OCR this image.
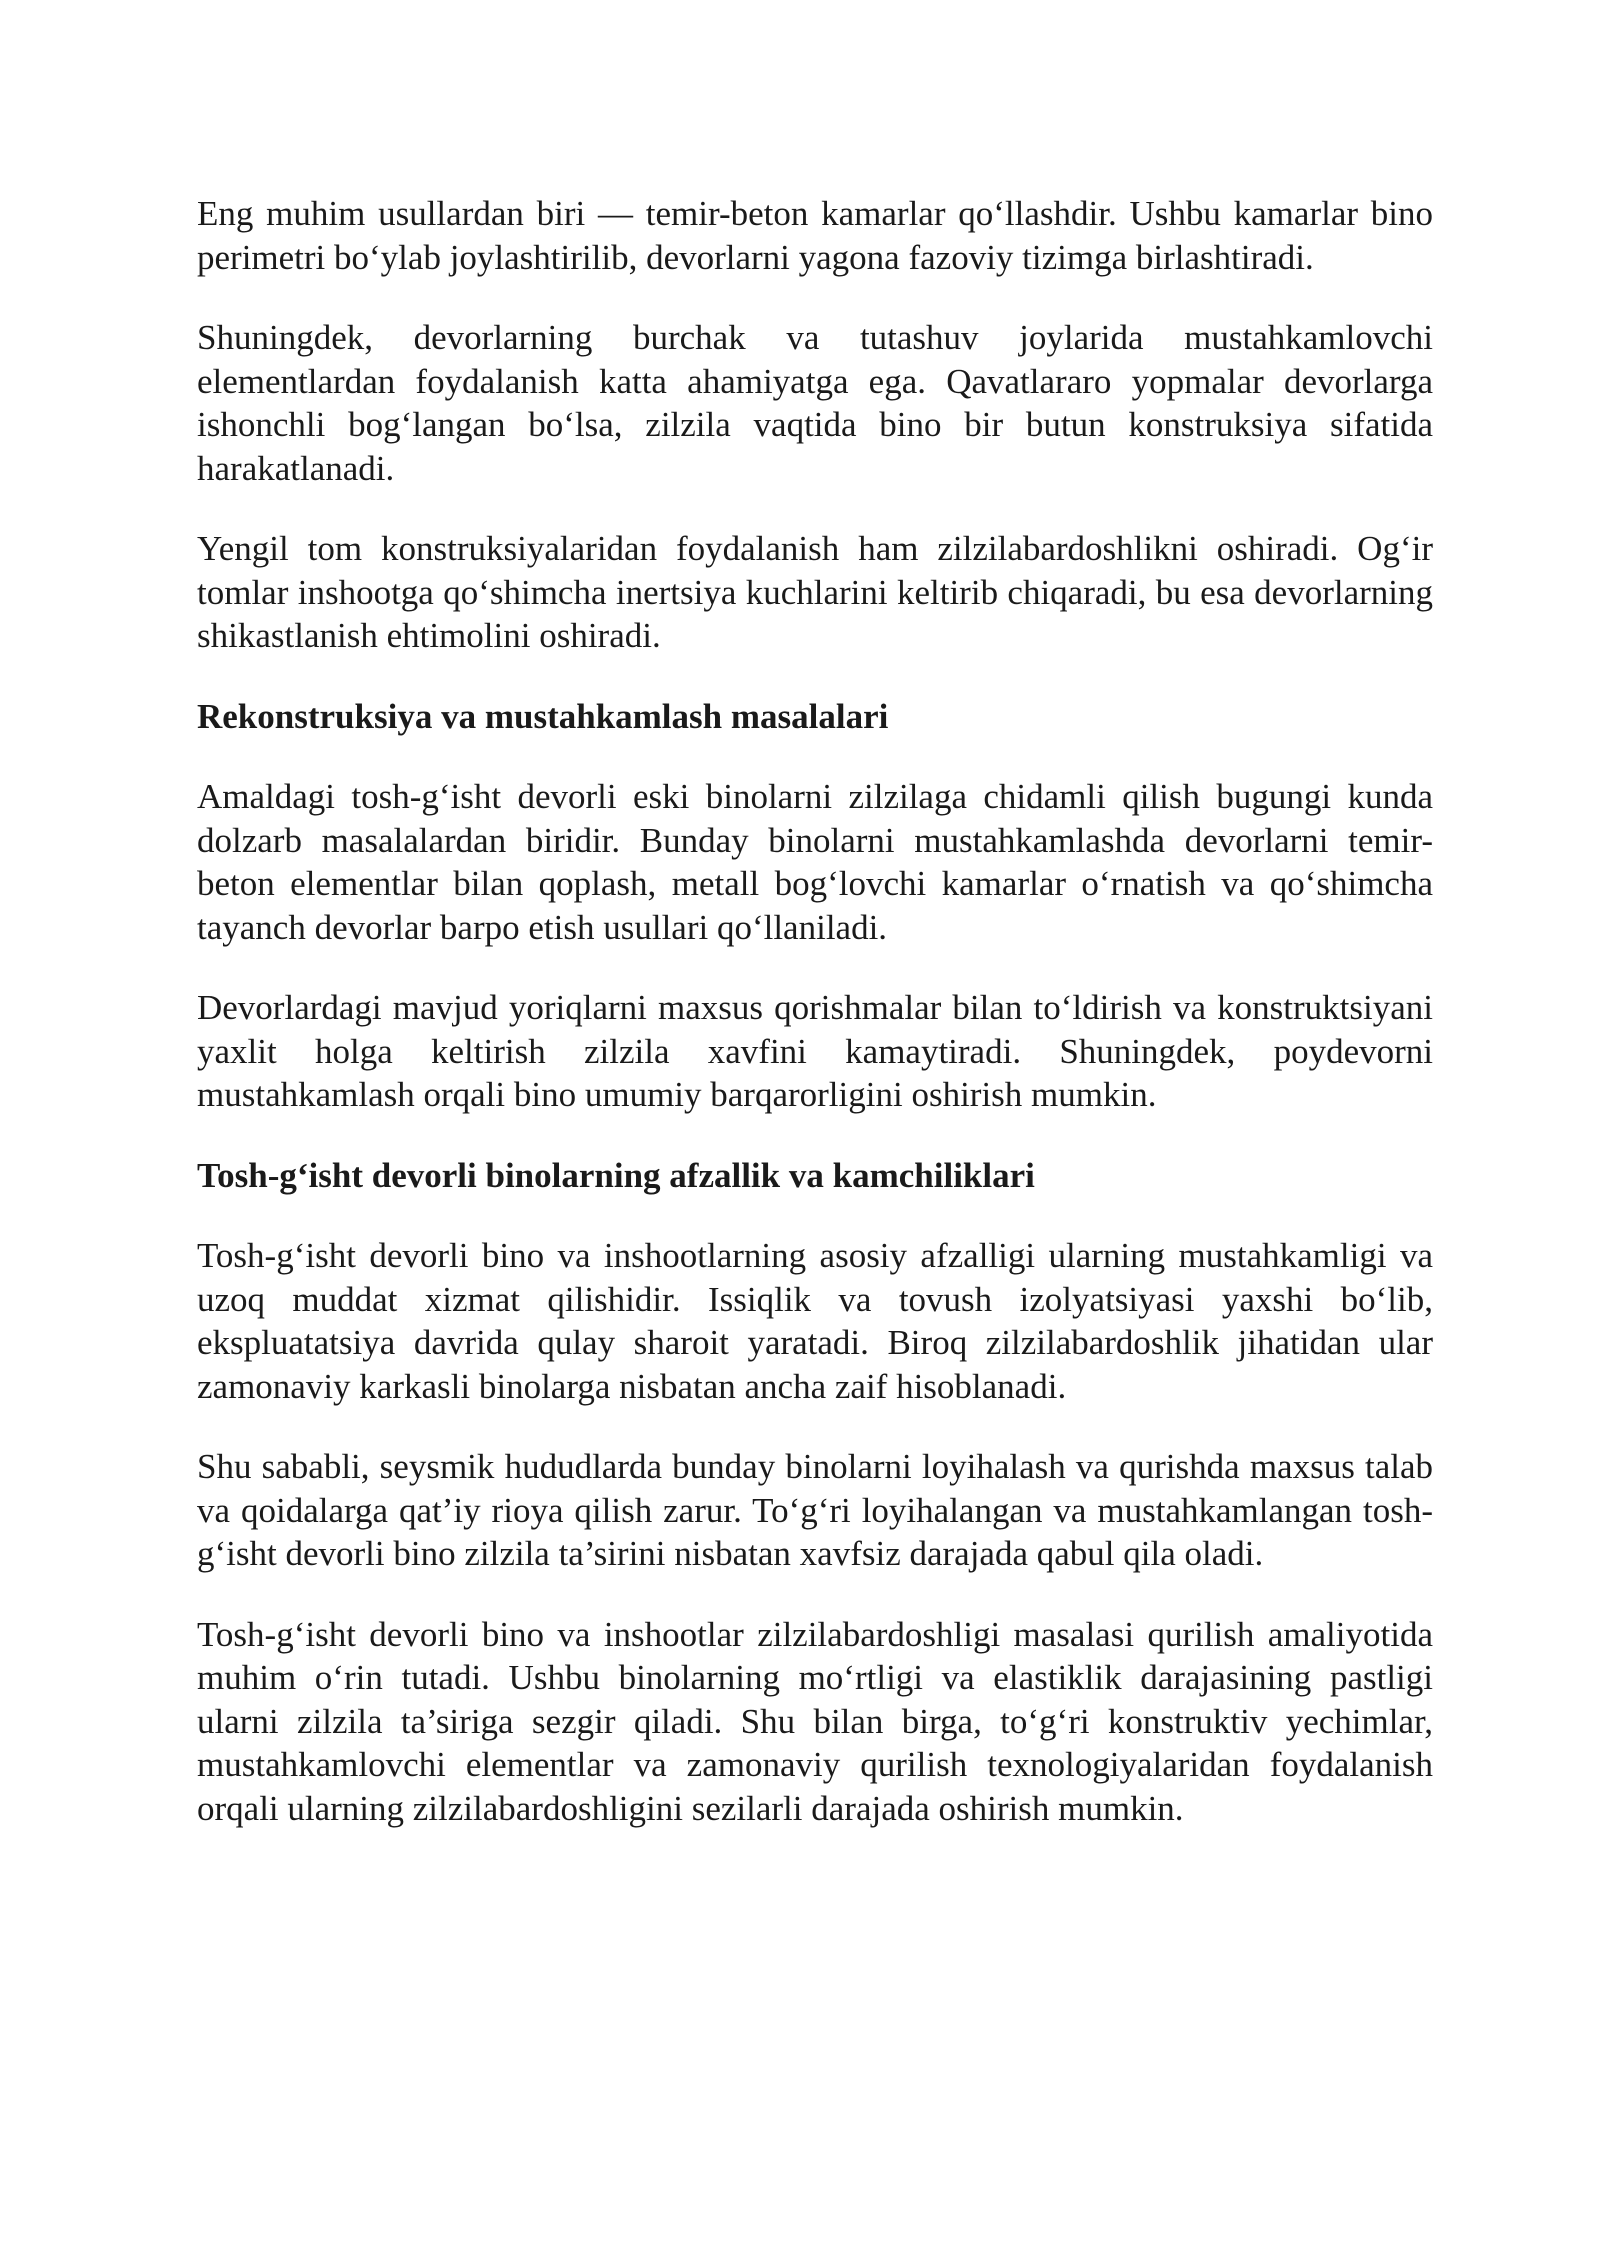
Eng muhim usullardan biri — temir-beton kamarlar qo‘llashdir. Ushbu kamarlar bino perimetri bo‘ylab joylashtirilib, devorlarni yagona fazoviy tizimga birlashtiradi.

Shuningdek, devorlarning burchak va tutashuv joylarida mustahkamlovchi elementlardan foydalanish katta ahamiyatga ega. Qavatlararo yopmalar devorlarga ishonchli bog‘langan bo‘lsa, zilzila vaqtida bino bir butun konstruksiya sifatida harakatlanadi.

Yengil tom konstruksiyalaridan foydalanish ham zilzilabardoshlikni oshiradi. Og‘ir tomlar inshootga qo‘shimcha inertsiya kuchlarini keltirib chiqaradi, bu esa devorlarning shikastlanish ehtimolini oshiradi.

Rekonstruksiya va mustahkamlash masalalari

Amaldagi tosh-g‘isht devorli eski binolarni zilzilaga chidamli qilish bugungi kunda dolzarb masalalardan biridir. Bunday binolarni mustahkamlashda devorlarni temir-beton elementlar bilan qoplash, metall bog‘lovchi kamarlar o‘rnatish va qo‘shimcha tayanch devorlar barpo etish usullari qo‘llaniladi.

Devorlardagi mavjud yoriqlarni maxsus qorishmalar bilan to‘ldirish va konstruktsiyani yaxlit holga keltirish zilzila xavfini kamaytiradi. Shuningdek, poydevorni mustahkamlash orqali bino umumiy barqarorligini oshirish mumkin.

Tosh-g‘isht devorli binolarning afzallik va kamchiliklari

Tosh-g‘isht devorli bino va inshootlarning asosiy afzalligi ularning mustahkamligi va uzoq muddat xizmat qilishidir. Issiqlik va tovush izolyatsiyasi yaxshi bo‘lib, ekspluatatsiya davrida qulay sharoit yaratadi. Biroq zilzilabardoshlik jihatidan ular zamonaviy karkasli binolarga nisbatan ancha zaif hisoblanadi.

Shu sababli, seysmik hududlarda bunday binolarni loyihalash va qurishda maxsus talab va qoidalarga qat’iy rioya qilish zarur. To‘g‘ri loyihalangan va mustahkamlangan tosh-g‘isht devorli bino zilzila ta’sirini nisbatan xavfsiz darajada qabul qila oladi.

Tosh-g‘isht devorli bino va inshootlar zilzilabardoshligi masalasi qurilish amaliyotida muhim o‘rin tutadi. Ushbu binolarning mo‘rtligi va elastiklik darajasining pastligi ularni zilzila ta’siriga sezgir qiladi. Shu bilan birga, to‘g‘ri konstruktiv yechimlar, mustahkamlovchi elementlar va zamonaviy qurilish texnologiyalaridan foydalanish orqali ularning zilzilabardoshligini sezilarli darajada oshirish mumkin.
